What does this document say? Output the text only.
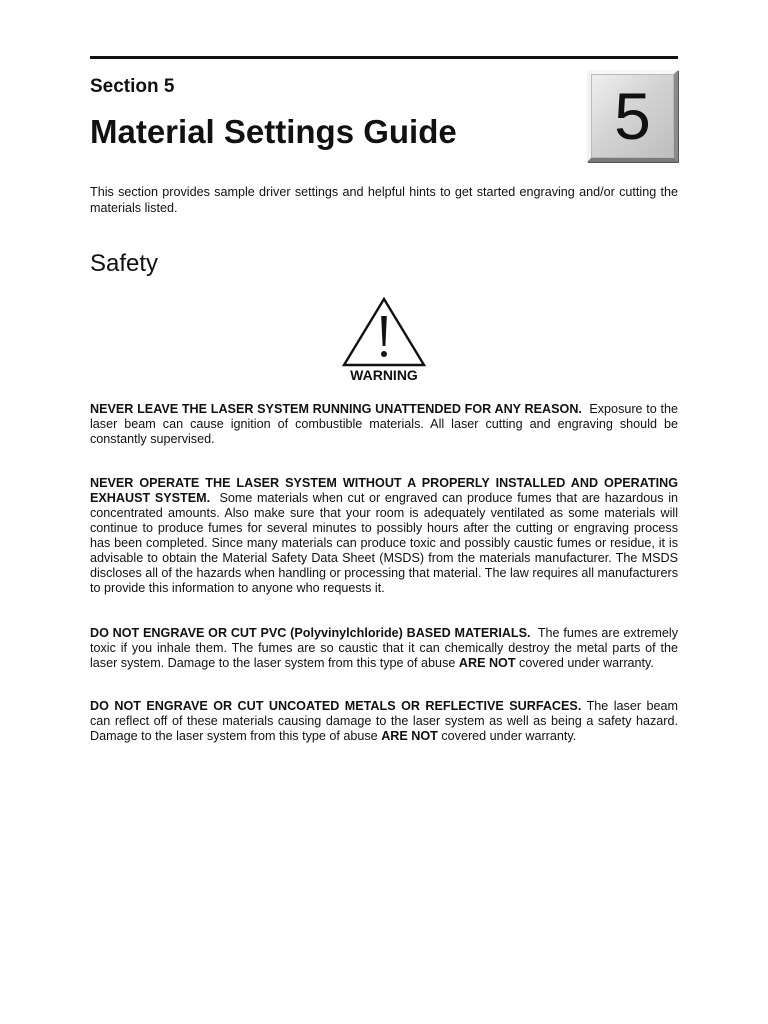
Section 5
Material Settings Guide	5

This section provides sample driver settings and helpful hints to get started engraving and/or cutting the materials listed.

Safety
WARNING

NEVER LEAVE THE LASER SYSTEM RUNNING UNATTENDED FOR ANY REASON. Exposure to the laser beam can cause ignition of combustible materials. All laser cutting and engraving should be constantly supervised.

NEVER OPERATE THE LASER SYSTEM WITHOUT A PROPERLY INSTALLED AND OPERATING EXHAUST SYSTEM. Some materials when cut or engraved can produce fumes that are hazardous in concentrated amounts. Also make sure that your room is adequately ventilated as some materials will continue to produce fumes for several minutes to possibly hours after the cutting or engraving process has been completed. Since many materials can produce toxic and possibly caustic fumes or residue, it is advisable to obtain the Material Safety Data Sheet (MSDS) from the materials manufacturer. The MSDS discloses all of the hazards when handling or processing that material. The law requires all manufacturers to provide this information to anyone who requests it.

DO NOT ENGRAVE OR CUT PVC (Polyvinylchloride) BASED MATERIALS. The fumes are extremely toxic if you inhale them. The fumes are so caustic that it can chemically destroy the metal parts of the laser system. Damage to the laser system from this type of abuse ARE NOT covered under warranty.

DO NOT ENGRAVE OR CUT UNCOATED METALS OR REFLECTIVE SURFACES. The laser beam can reflect off of these materials causing damage to the laser system as well as being a safety hazard. Damage to the laser system from this type of abuse ARE NOT covered under warranty.
